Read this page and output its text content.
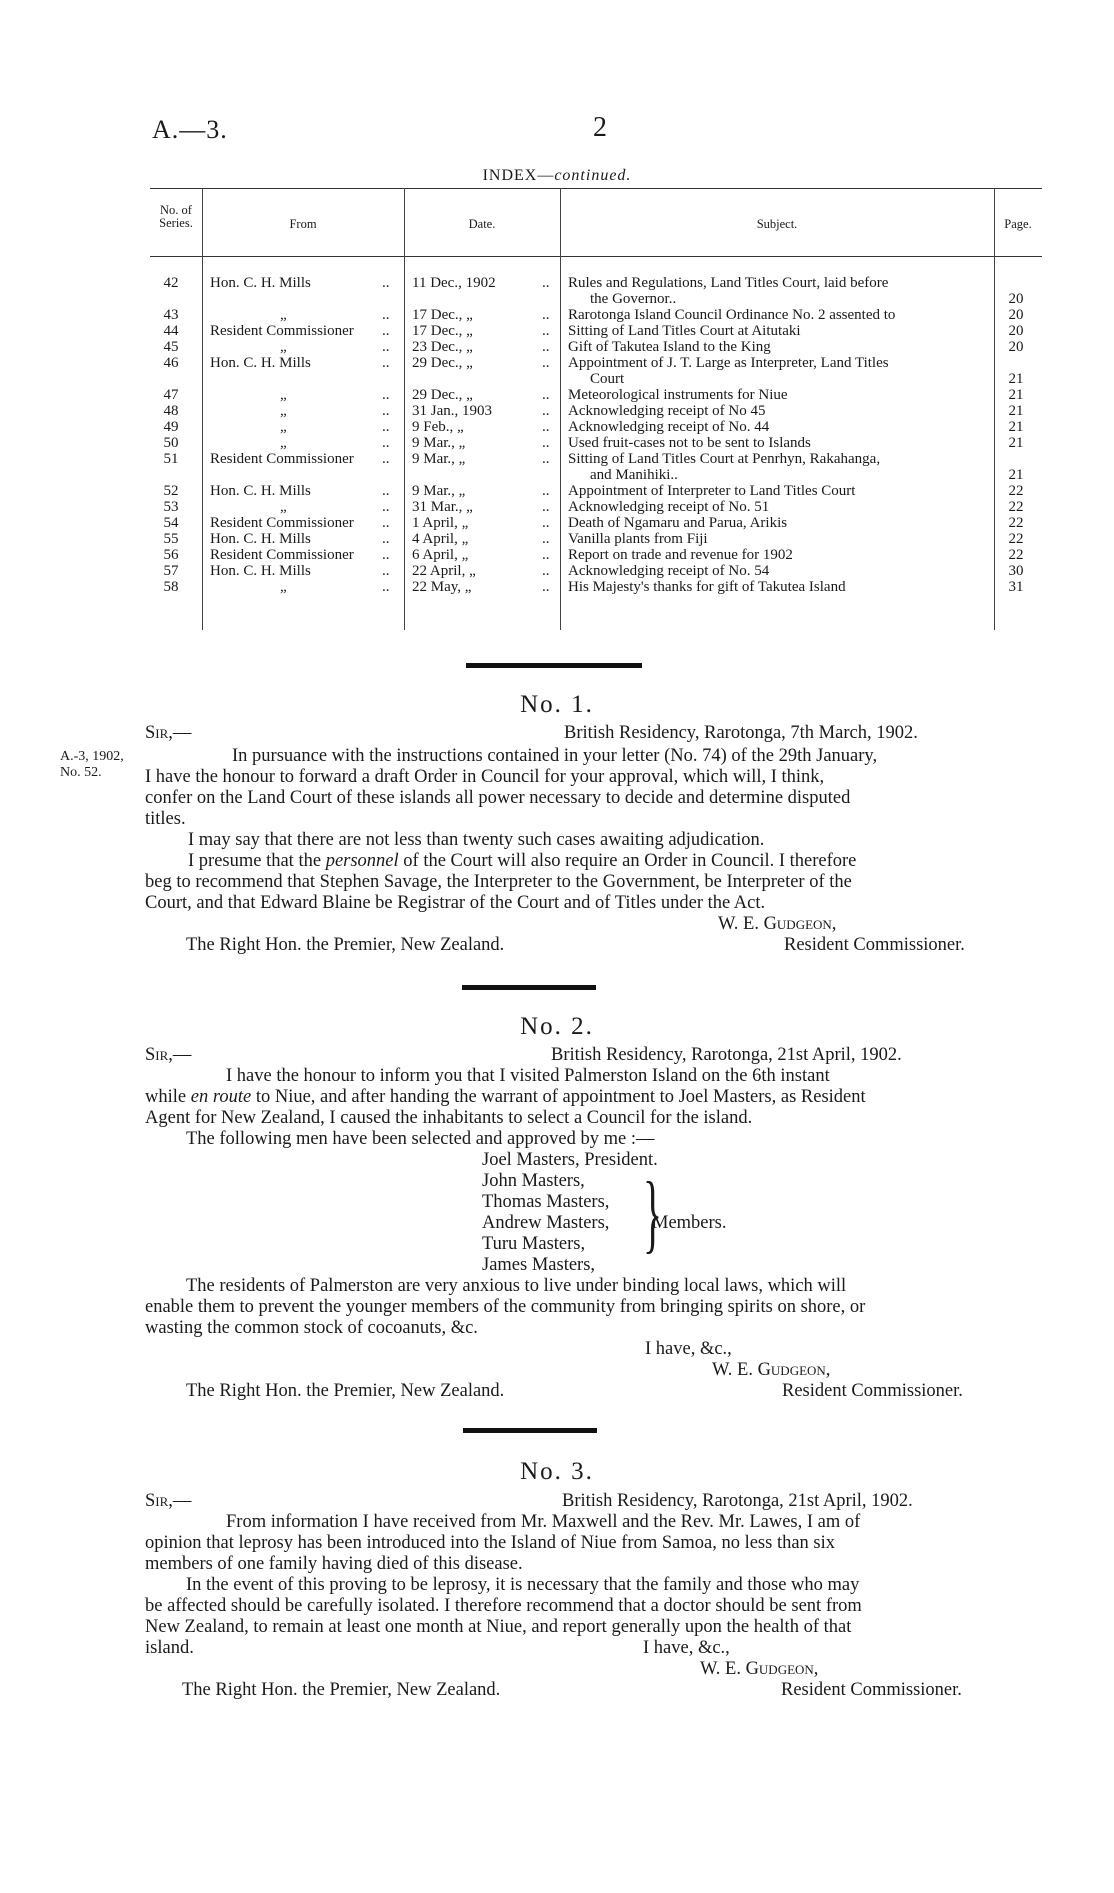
A.—3.	2
INDEX—continued.
No. of Series.	From	Date.	Subject.	Page.
42 Hon. C. H. Mills	.. 11 Dec., 1902	.. Rules and Regulations, Land Titles Court, laid before
the Governor..	20
43	„	.. 17 Dec., „	.. Rarotonga Island Council Ordinance No. 2 assented to	20
44 Resident Commissioner	.. 17 Dec., „	.. Sitting of Land Titles Court at Aitutaki	20
45	„	.. 23 Dec., „	.. Gift of Takutea Island to the King	20
46 Hon. C. H. Mills	.. 29 Dec., „	.. Appointment of J. T. Large as Interpreter, Land Titles
Court	21
47	„	.. 29 Dec., „	.. Meteorological instruments for Niue	21
48	„	.. 31 Jan., 1903	.. Acknowledging receipt of No 45	21
49	„	.. 9 Feb., „	.. Acknowledging receipt of No. 44	21
50	„	.. 9 Mar., „	.. Used fruit-cases not to be sent to Islands	21
51 Resident Commissioner	.. 9 Mar., „	.. Sitting of Land Titles Court at Penrhyn, Rakahanga,
and Manihiki..	21
52 Hon. C. H. Mills	.. 9 Mar., „	.. Appointment of Interpreter to Land Titles Court	22
53	„	.. 31 Mar., „	.. Acknowledging receipt of No. 51	22
54 Resident Commissioner	.. 1 April, „	.. Death of Ngamaru and Parua, Arikis	22
55 Hon. C. H. Mills	.. 4 April, „	.. Vanilla plants from Fiji	22
56 Resident Commissioner	.. 6 April, „	.. Report on trade and revenue for 1902	22
57 Hon. C. H. Mills	.. 22 April, „	.. Acknowledging receipt of No. 54	30
58	„	.. 22 May, „	.. His Majesty's thanks for gift of Takutea Island	31
No. 1.
Sir,—	British Residency, Rarotonga, 7th March, 1902.
A.-3, 1902,
No. 52.
In pursuance with the instructions contained in your letter (No. 74) of the 29th January,
I have the honour to forward a draft Order in Council for your approval, which will, I think,
confer on the Land Court of these islands all power necessary to decide and determine disputed
titles.
I may say that there are not less than twenty such cases awaiting adjudication.
I presume that the personnel of the Court will also require an Order in Council. I therefore
beg to recommend that Stephen Savage, the Interpreter to the Government, be Interpreter of the
Court, and that Edward Blaine be Registrar of the Court and of Titles under the Act.
W. E. Gudgeon,
The Right Hon. the Premier, New Zealand.	Resident Commissioner.
No. 2.
Sir,—	British Residency, Rarotonga, 21st April, 1902.
I have the honour to inform you that I visited Palmerston Island on the 6th instant
while en route to Niue, and after handing the warrant of appointment to Joel Masters, as Resident
Agent for New Zealand, I caused the inhabitants to select a Council for the island.
The following men have been selected and approved by me :—
Joel Masters, President.
John Masters,
Thomas Masters,
Andrew Masters,
Turu Masters,
James Masters,
}
Members.
The residents of Palmerston are very anxious to live under binding local laws, which will
enable them to prevent the younger members of the community from bringing spirits on shore, or
wasting the common stock of cocoanuts, &c.
I have, &c.,
W. E. Gudgeon,
The Right Hon. the Premier, New Zealand.	Resident Commissioner.
No. 3.
Sir,—	British Residency, Rarotonga, 21st April, 1902.
From information I have received from Mr. Maxwell and the Rev. Mr. Lawes, I am of
opinion that leprosy has been introduced into the Island of Niue from Samoa, no less than six
members of one family having died of this disease.
In the event of this proving to be leprosy, it is necessary that the family and those who may
be affected should be carefully isolated. I therefore recommend that a doctor should be sent from
New Zealand, to remain at least one month at Niue, and report generally upon the health of that
island.	I have, &c.,
W. E. Gudgeon,
The Right Hon. the Premier, New Zealand.	Resident Commissioner.
